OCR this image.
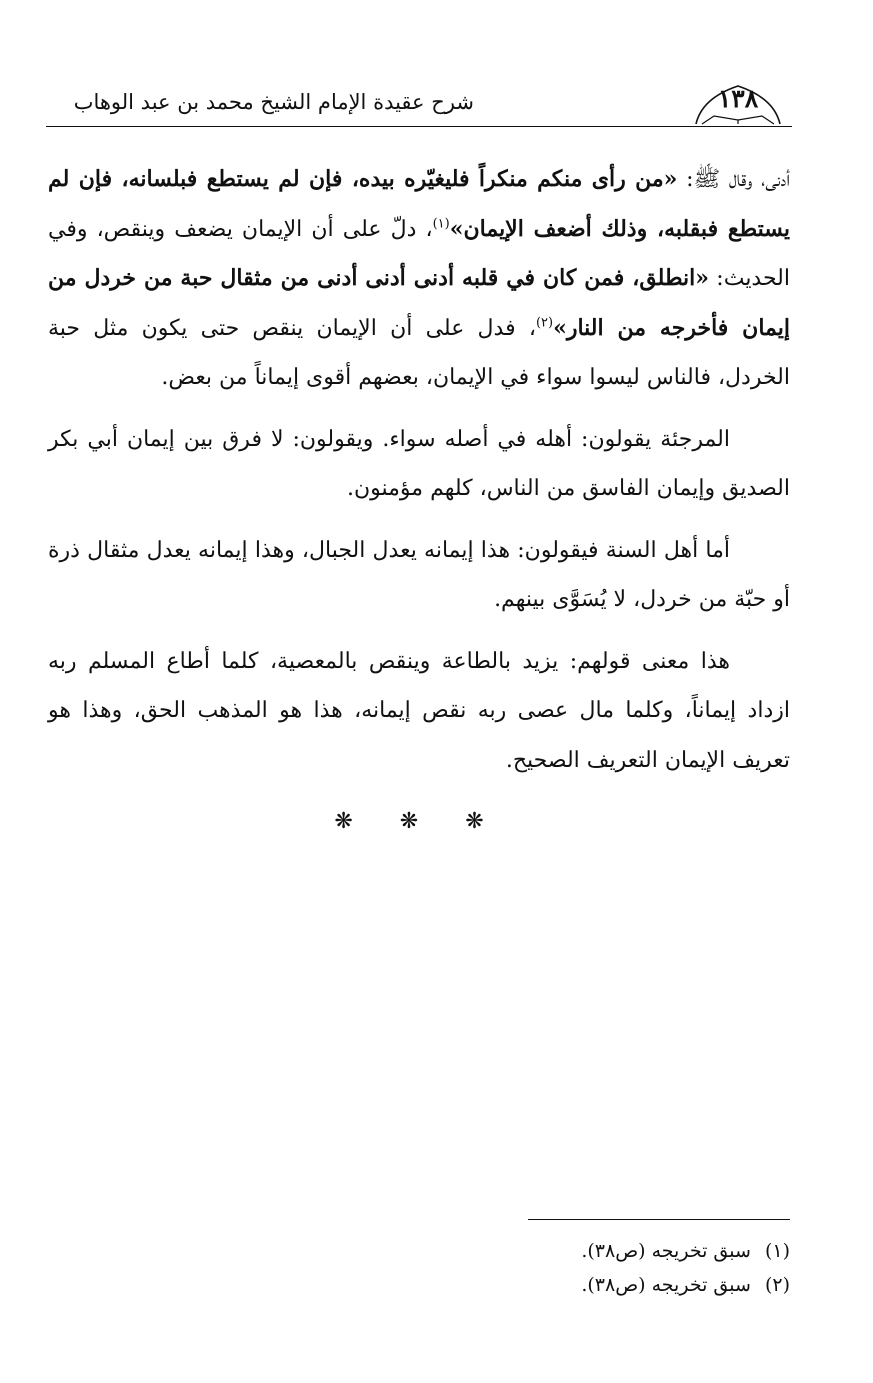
١٣٨
شرح عقيدة الإمام الشيخ محمد بن عبد الوهاب

أدنى، وقال ﷺ: «من رأى منكم منكراً فليغيّره بيده، فإن لم يستطع فبلسانه، فإن لم يستطع فبقلبه، وذلك أضعف الإيمان»$^{(١)}$، دلّ على أن الإيمان يضعف وينقص، وفي الحديث: «انطلق، فمن كان في قلبه أدنى أدنى أدنى من مثقال حبة من خردل من إيمان فأخرجه من النار»$^{(٢)}$، فدل على أن الإيمان ينقص حتى يكون مثل حبة الخردل، فالناس ليسوا سواء في الإيمان، بعضهم أقوى إيماناً من بعض.

المرجئة يقولون: أهله في أصله سواء. ويقولون: لا فرق بين إيمان أبي بكر الصديق وإيمان الفاسق من الناس، كلهم مؤمنون.

أما أهل السنة فيقولون: هذا إيمانه يعدل الجبال، وهذا إيمانه يعدل مثقال ذرة أو حبّة من خردل، لا يُسَوَّى بينهم.

هذا معنى قولهم: يزيد بالطاعة وينقص بالمعصية، كلما أطاع المسلم ربه ازداد إيماناً، وكلما مال عصى ربه نقص إيمانه، هذا هو المذهب الحق، وهذا هو تعريف الإيمان التعريف الصحيح.

❋ ❋ ❋
(١)سبق تخريجه (ص٣٨).
(٢)سبق تخريجه (ص٣٨).
